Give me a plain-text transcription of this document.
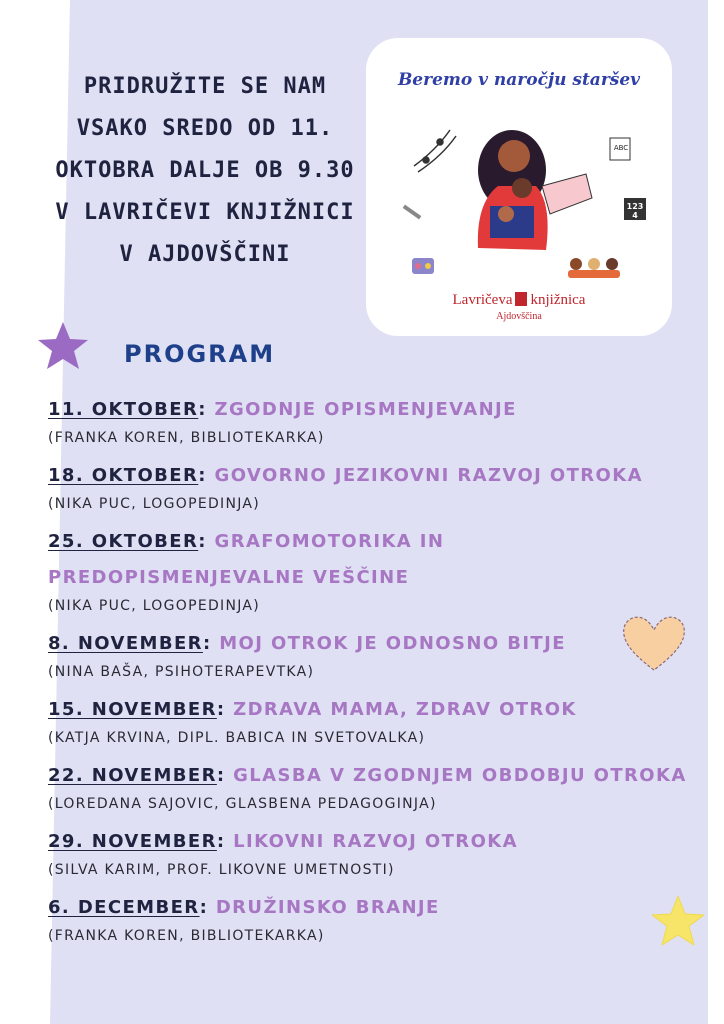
PRIDRUŽITE SE NAM
VSAKO SREDO OD 11.
OKTOBRA DALJE OB 9.30
V LAVRIČEVI KNJIŽNICI
V AJDOVŠČINI
Beremo v naročju staršev
ABC
1234
Lavričeva knjižnica
Ajdovščina
PROGRAM
11. OKTOBER: ZGODNJE OPISMENJEVANJE
(FRANKA KOREN, BIBLIOTEKARKA)
18. OKTOBER: GOVORNO JEZIKOVNI RAZVOJ OTROKA
(NIKA PUC, LOGOPEDINJA)
25. OKTOBER: GRAFOMOTORIKA IN PREDOPISMENJEVALNE VEŠČINE
(NIKA PUC, LOGOPEDINJA)
8. NOVEMBER: MOJ OTROK JE ODNOSNO BITJE
(NINA BAŠA, PSIHOTERAPEVTKA)
15. NOVEMBER: ZDRAVA MAMA, ZDRAV OTROK
(KATJA KRVINA, DIPL. BABICA IN SVETOVALKA)
22. NOVEMBER: GLASBA V ZGODNJEM OBDOBJU OTROKA
(LOREDANA SAJOVIC, GLASBENA PEDAGOGINJA)
29. NOVEMBER: LIKOVNI RAZVOJ OTROKA
(SILVA KARIM, PROF. LIKOVNE UMETNOSTI)
6. DECEMBER: DRUŽINSKO BRANJE
(FRANKA KOREN, BIBLIOTEKARKA)
